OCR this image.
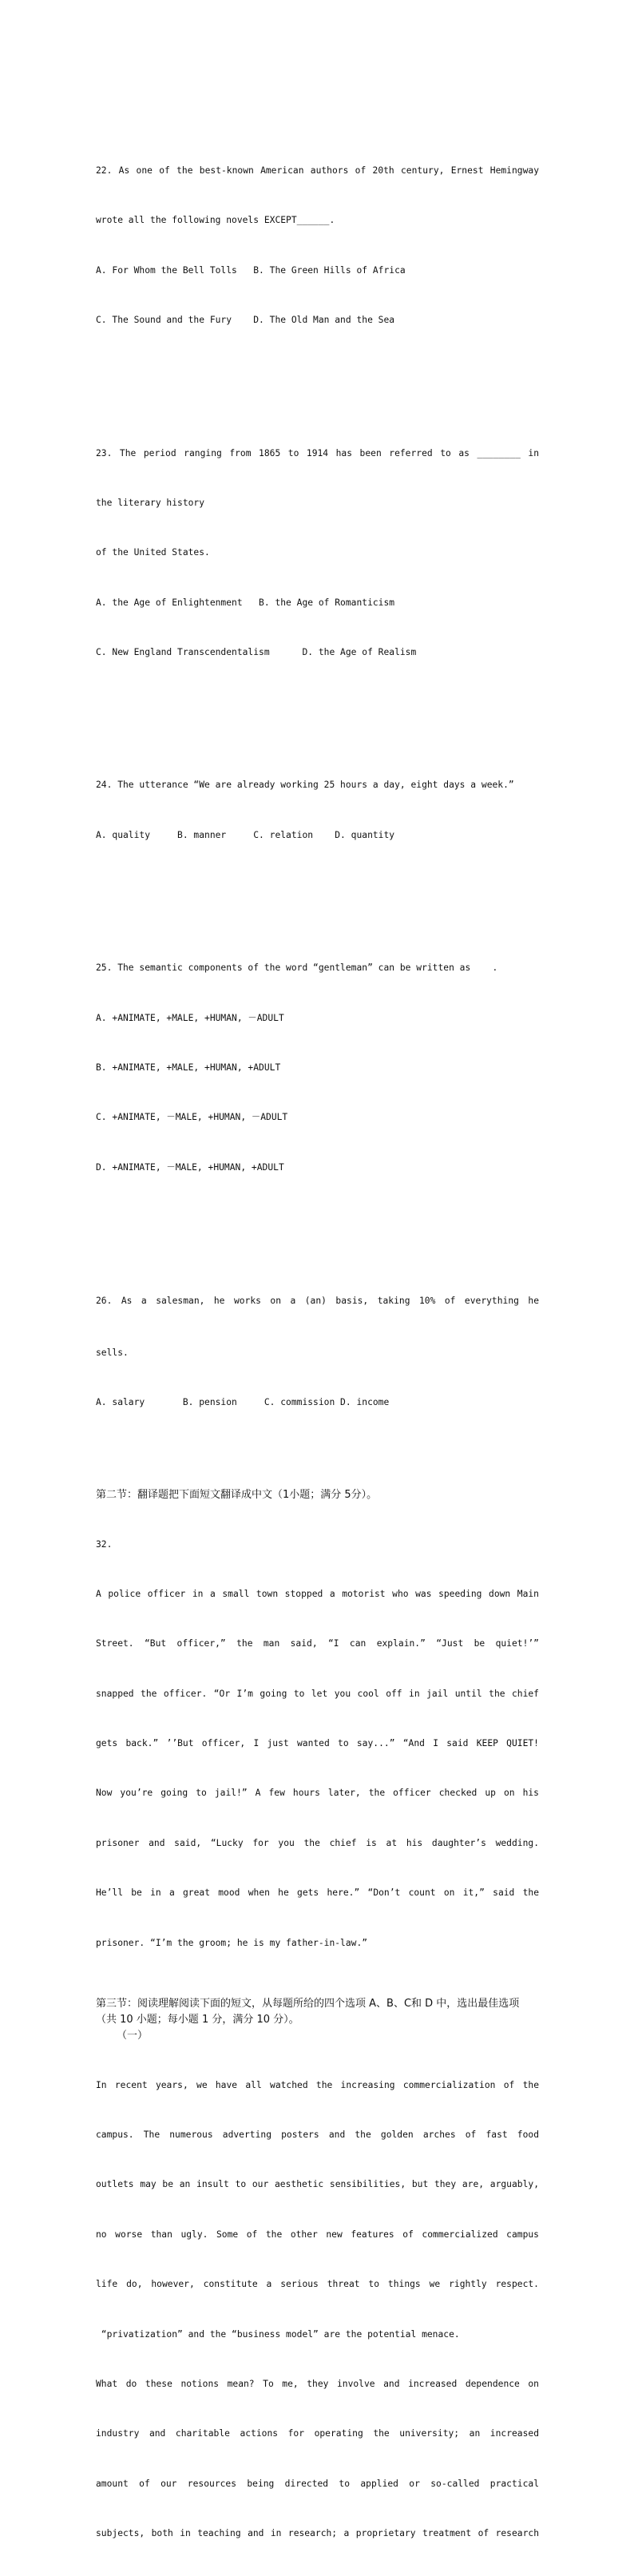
22. As one of the best-known American authors of 20th century, Ernest Hemingway

wrote all the following novels EXCEPT______.

A. For Whom the Bell Tolls   B. The Green Hills of Africa

C. The Sound and the Fury    D. The Old Man and the Sea

23. The period ranging from 1865 to 1914 has been referred to as ________ in

the literary history

of the United States.

A. the Age of Enlightenment   B. the Age of Romanticism

C. New England Transcendentalism      D. the Age of Realism

24. The utterance “We are already working 25 hours a day, eight days a week.”

A. quality     B. manner     C. relation    D. quantity

25. The semantic components of the word “gentleman” can be written as    .

A. +ANIMATE, +MALE, +HUMAN, －ADULT

B. +ANIMATE, +MALE, +HUMAN, +ADULT

C. +ANIMATE, －MALE, +HUMAN, －ADULT

D. +ANIMATE, －MALE, +HUMAN, +ADULT

26. As a salesman, he works on a (an) basis, taking 10% of everything he

sells.

A. salary       B. pension     C. commission D. income

第二节：翻译题把下面短文翻译成中文（1小题；满分 5分）。

32.

A police officer in a small town stopped a motorist who was speeding down Main

Street. “But officer,” the man said, “I can explain.” “Just be quiet!’”

snapped the officer. “Or I’m going to let you cool off in jail until the chief

gets back.” ’’But officer, I just wanted to say...” “And I said KEEP QUIET!

Now you’re going to jail!” A few hours later, the officer checked up on his

prisoner and said, “Lucky for you the chief is at his daughter’s wedding.

He’ll be in a great mood when he gets here.” “Don’t count on it,” said the

prisoner. “I’m the groom; he is my father-in-law.”

第三节：阅读理解阅读下面的短文，从每题所给的四个选项 A、B、C和 D 中，选出最佳选项（共 10 小题；每小题 1 分，满分 10 分）。
（一）

In recent years, we have all watched the increasing commercialization of the

campus. The numerous adverting posters and the golden arches of fast food

outlets may be an insult to our aesthetic sensibilities, but they are, arguably,

no worse than ugly. Some of the other new features of commercialized campus

life do, however, constitute a serious threat to things we rightly respect.

“privatization” and the “business model” are the potential menace.

What do these notions mean? To me, they involve and increased dependence on

industry and charitable actions for operating the university; an increased

amount of our resources being directed to applied or so-called practical

subjects, both in teaching and in research; a proprietary treatment of research
